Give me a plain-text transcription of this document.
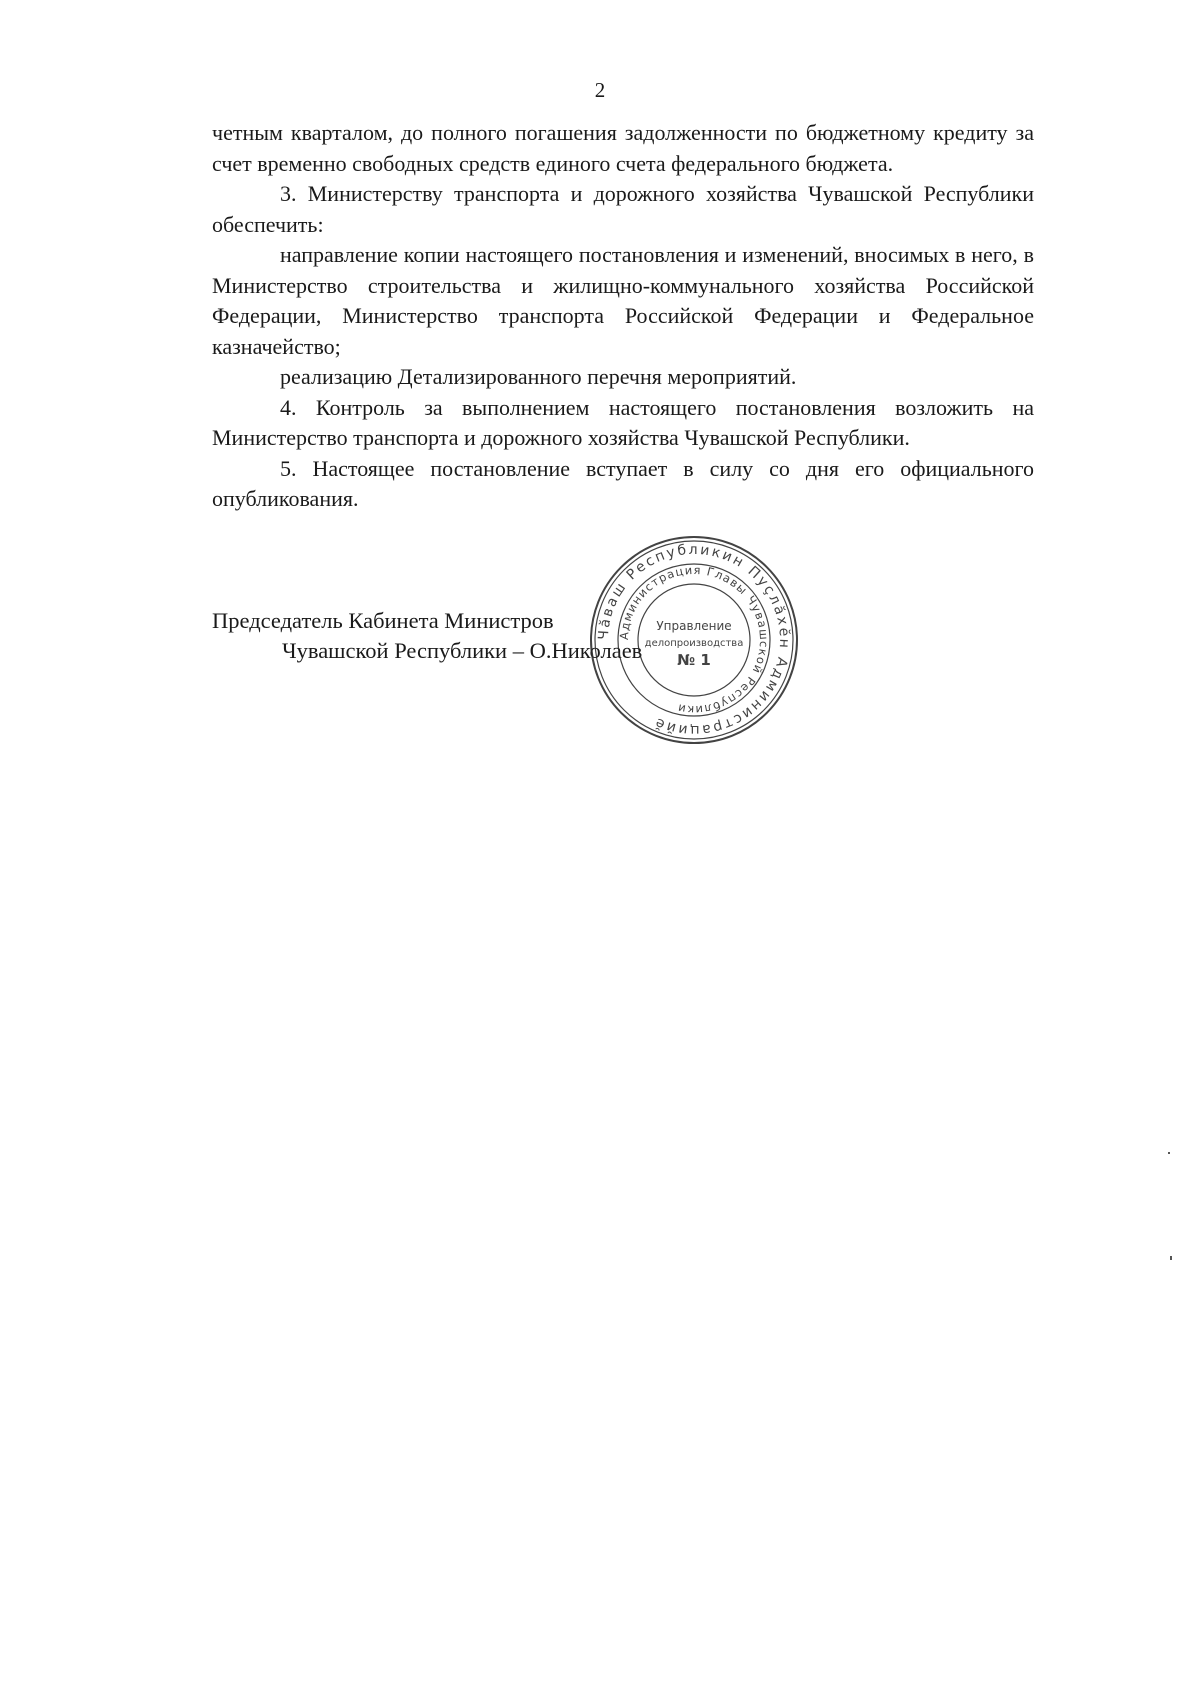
2

четным кварталом, до полного погашения задолженности по бюджетному кредиту за счет временно свободных средств единого счета федерального бюджета.

3. Министерству транспорта и дорожного хозяйства Чувашской Республики обеспечить:

направление копии настоящего постановления и изменений, вносимых в него, в Министерство строительства и жилищно-коммунального хозяйства Российской Федерации, Министерство транспорта Российской Федерации и Федеральное казначейство;

реализацию Детализированного перечня мероприятий.

4. Контроль за выполнением настоящего постановления возложить на Министерство транспорта и дорожного хозяйства Чувашской Республики.

5. Настоящее постановление вступает в силу со дня его официального опубликования.

Председатель Кабинета Министров
Чувашской Республики – О.Николаев
Чăваш Республикин Пуçлăхĕн Администрацийĕ
Администрация Главы Чувашской Республики
Управление
делопроизводства
№ 1
